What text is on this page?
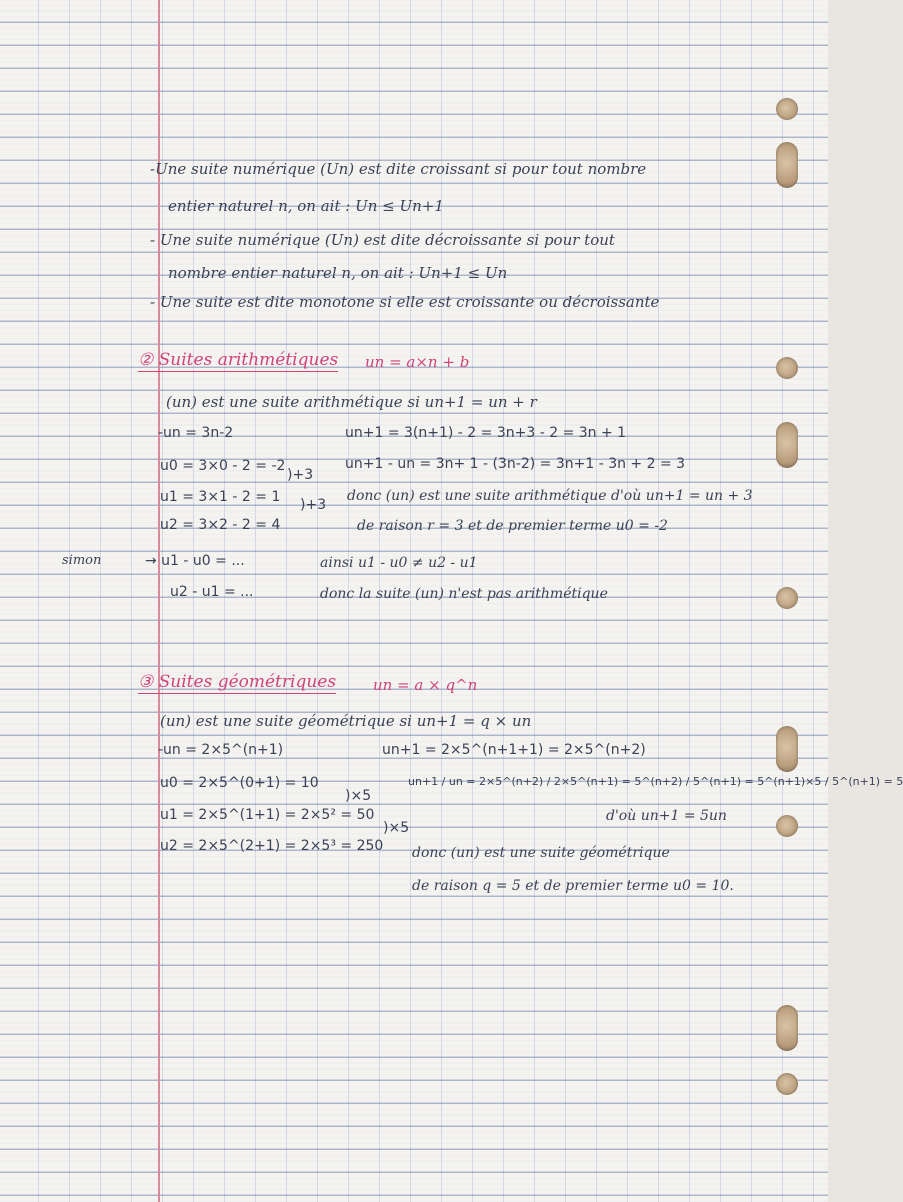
simon
-Une suite numérique (Un) est dite croissant si pour tout nombre
entier naturel n, on ait : Un ≤ Un+1
- Une suite numérique (Un) est dite décroissante si pour tout
nombre entier naturel n, on ait : Un+1 ≤ Un
- Une suite est dite monotone si elle est croissante ou décroissante
② Suites arithmétiques un = a×n + b
(un) est une suite arithmétique si un+1 = un + r
-un = 3n-2
u0 = 3×0 - 2 = -2
u1 = 3×1 - 2 = 1
u2 = 3×2 - 2 = 4
)+3
)+3
un+1 = 3(n+1) - 2 = 3n+3 - 2 = 3n + 1
un+1 - un = 3n+ 1 - (3n-2) = 3n+1 - 3n + 2 = 3
donc (un) est une suite arithmétique d'où un+1 = un + 3
de raison r = 3 et de premier terme u0 = -2
→ u1 - u0 = ...
u2 - u1 = ...
ainsi u1 - u0 ≠ u2 - u1
donc la suite (un) n'est pas arithmétique
③ Suites géométriques un = a × q^n
(un) est une suite géométrique si un+1 = q × un
-un = 2×5^(n+1)
u0 = 2×5^(0+1) = 10
u1 = 2×5^(1+1) = 2×5² = 50
u2 = 2×5^(2+1) = 2×5³ = 250
)×5
)×5
un+1 = 2×5^(n+1+1) = 2×5^(n+2)
un+1 / un = 2×5^(n+2) / 2×5^(n+1) = 5^(n+2) / 5^(n+1) = 5^(n+1)×5 / 5^(n+1) = 5
d'où un+1 = 5un
donc (un) est une suite géométrique
de raison q = 5 et de premier terme u0 = 10.
